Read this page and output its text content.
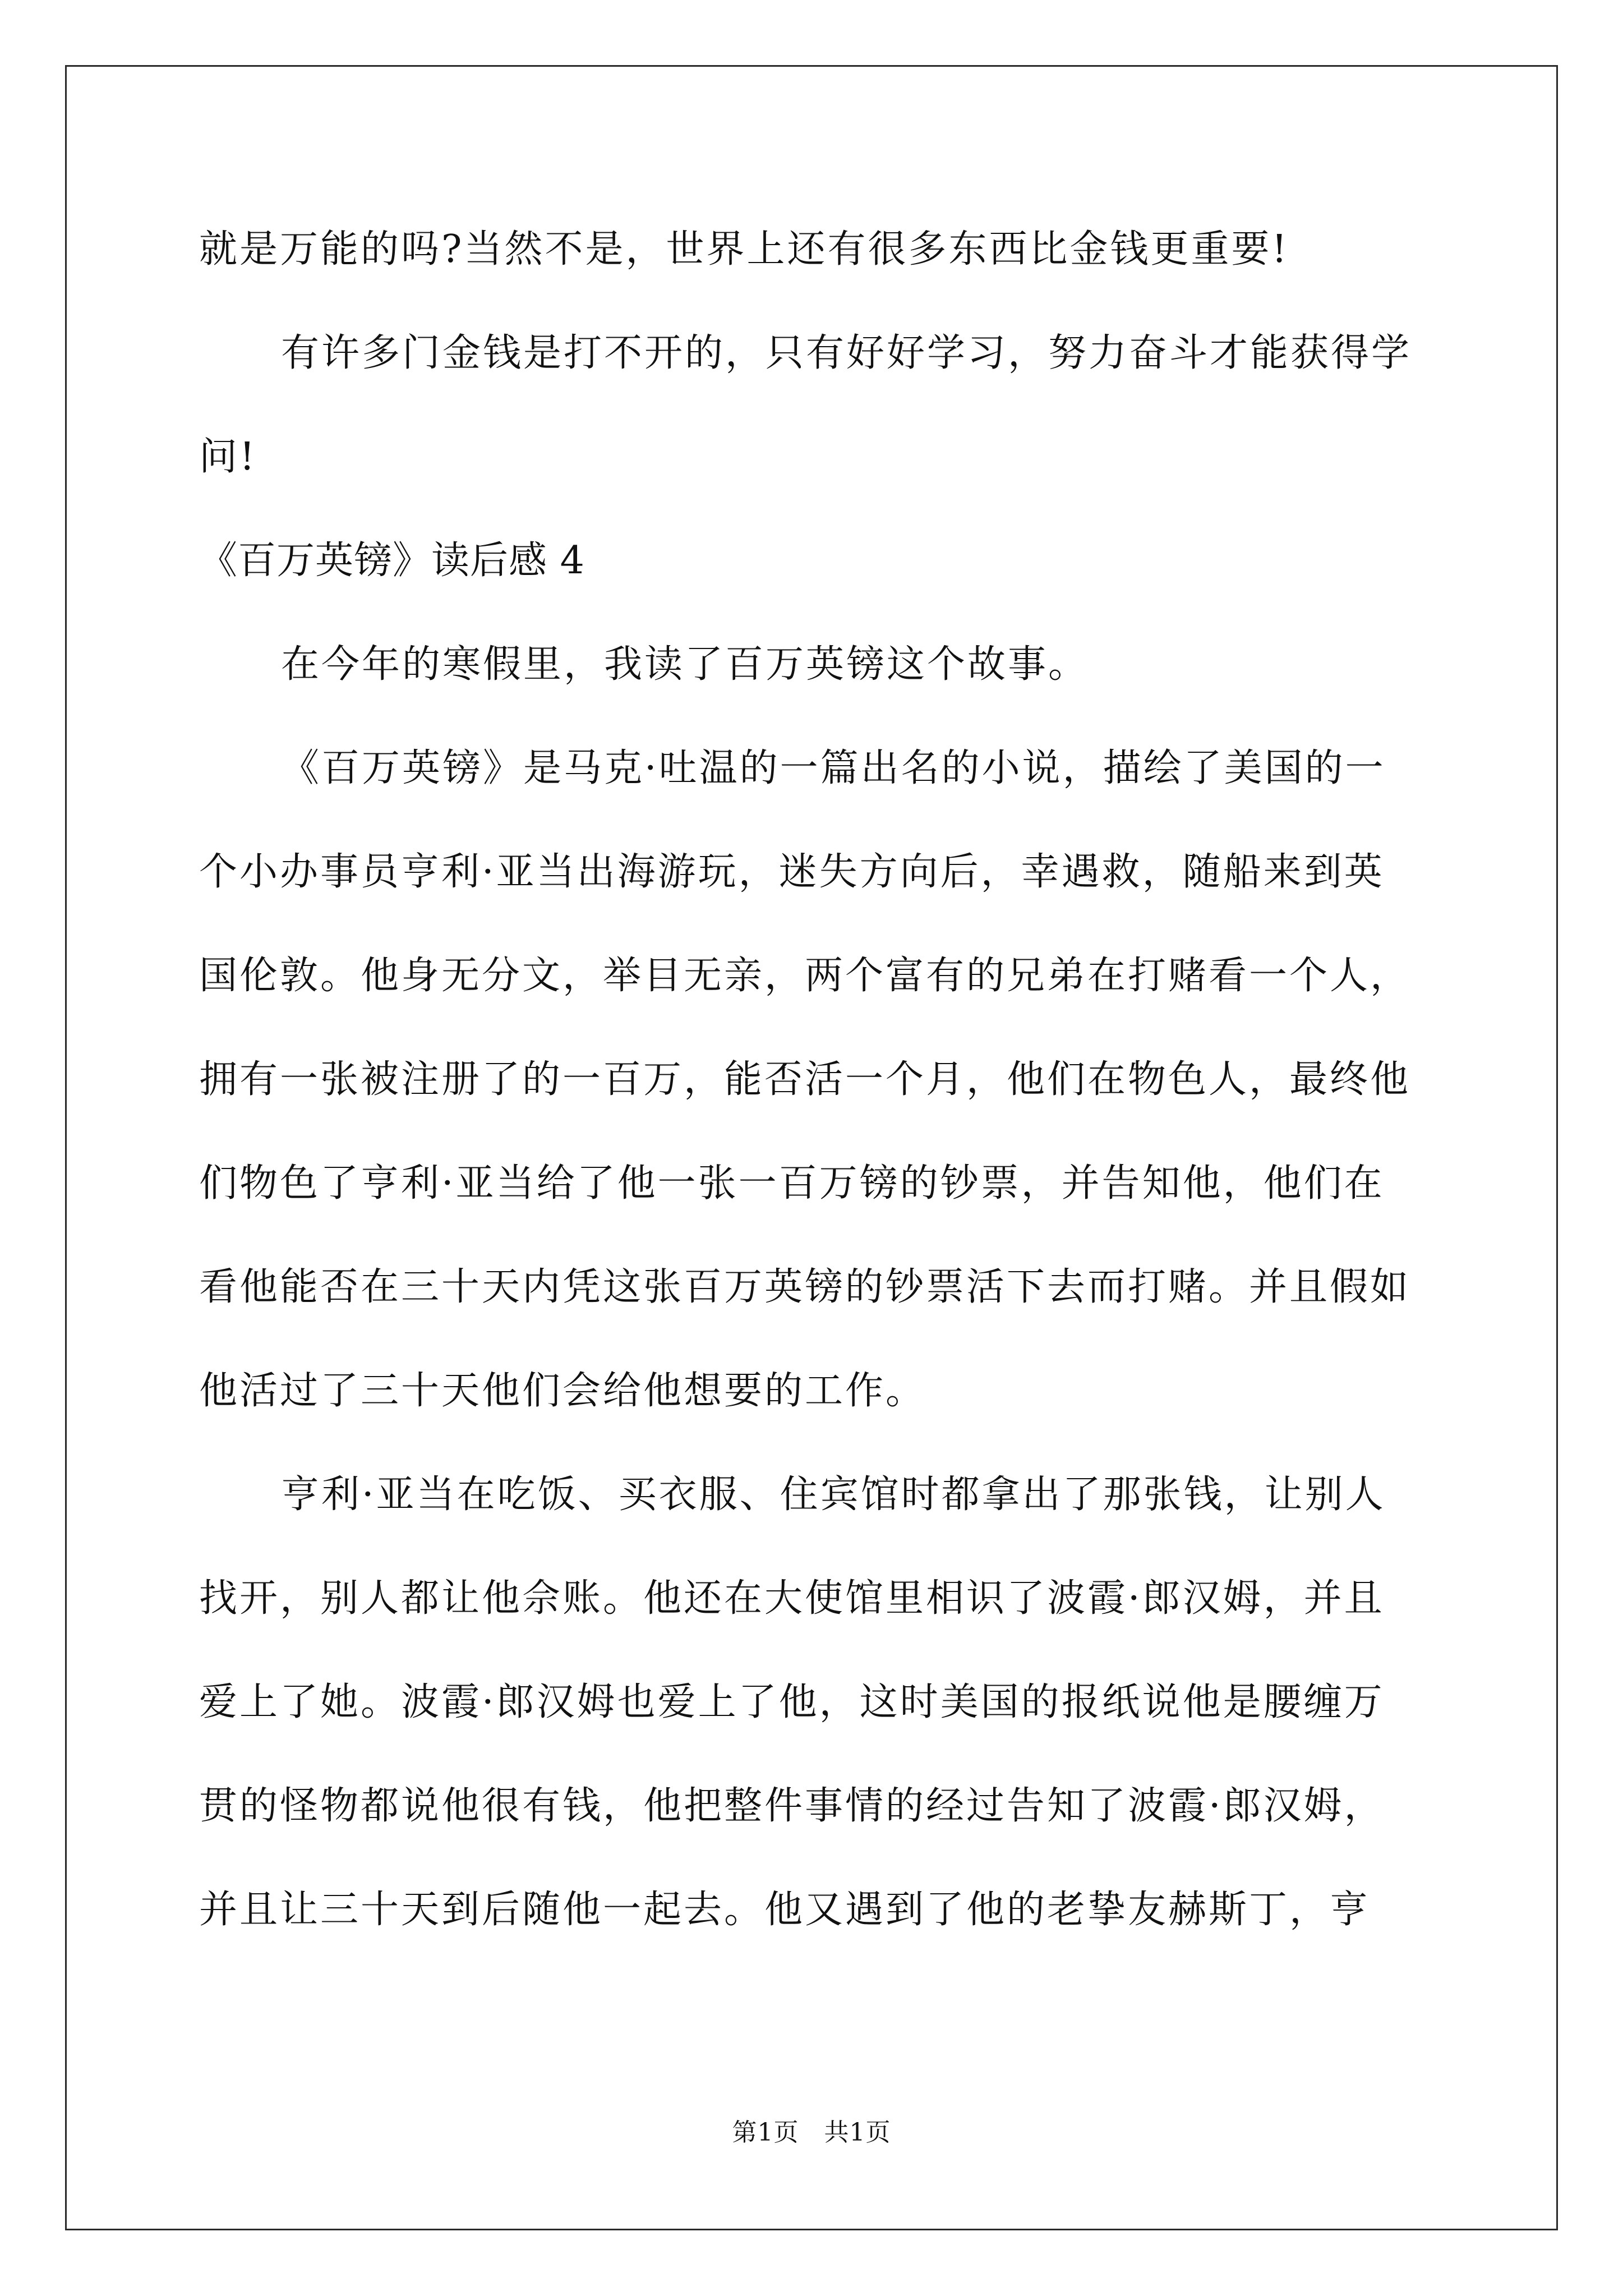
就是万能的吗?当然不是，世界上还有很多东西比金钱更重要!
有许多门金钱是打不开的，只有好好学习，努力奋斗才能获得学
问!
《百万英镑》读后感 4
在今年的寒假里，我读了百万英镑这个故事。
《百万英镑》是马克·吐温的一篇出名的小说，描绘了美国的一
个小办事员亨利·亚当出海游玩，迷失方向后，幸遇救，随船来到英
国伦敦。他身无分文，举目无亲，两个富有的兄弟在打赌看一个人，
拥有一张被注册了的一百万，能否活一个月，他们在物色人，最终他
们物色了亨利·亚当给了他一张一百万镑的钞票，并告知他，他们在
看他能否在三十天内凭这张百万英镑的钞票活下去而打赌。并且假如
他活过了三十天他们会给他想要的工作。
亨利·亚当在吃饭、买衣服、住宾馆时都拿出了那张钱，让别人
找开，别人都让他佘账。他还在大使馆里相识了波霞·郎汉姆，并且
爱上了她。波霞·郎汉姆也爱上了他，这时美国的报纸说他是腰缠万
贯的怪物都说他很有钱，他把整件事情的经过告知了波霞·郎汉姆，
并且让三十天到后随他一起去。他又遇到了他的老挚友赫斯丁，亨
第1页　共1页
